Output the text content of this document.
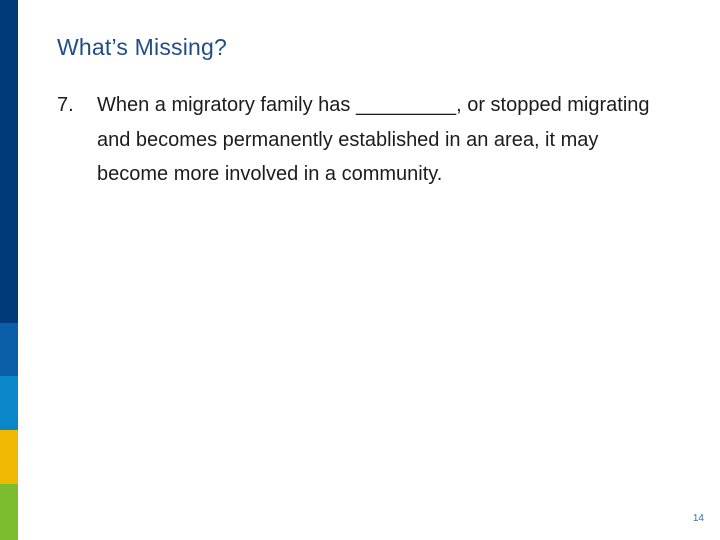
What’s Missing?
7.	When a migratory family has _________, or stopped migrating and becomes permanently established in an area, it may become more involved in a community.
14
